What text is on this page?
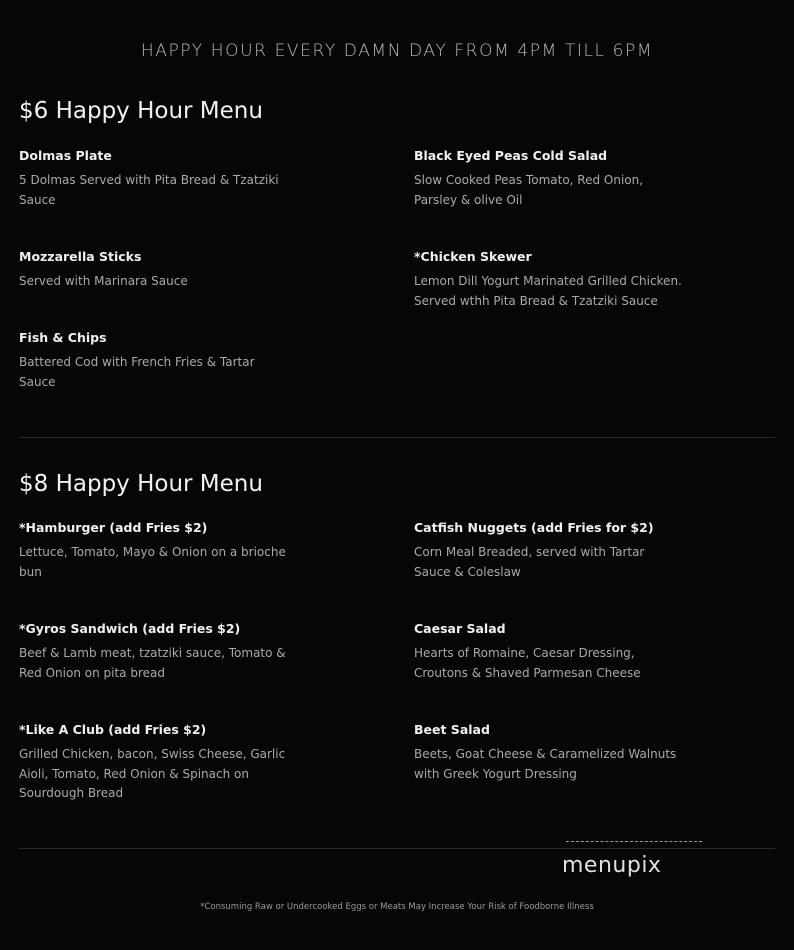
HAPPY HOUR EVERY DAMN DAY FROM 4PM TILL 6PM
$6 Happy Hour Menu
Dolmas Plate
5 Dolmas Served with Pita Bread & Tzatziki Sauce
Black Eyed Peas Cold Salad
Slow Cooked Peas Tomato, Red Onion, Parsley & olive Oil
Mozzarella Sticks
Served with Marinara Sauce
*Chicken Skewer
Lemon Dill Yogurt Marinated Grilled Chicken. Served wthh Pita Bread & Tzatziki Sauce
Fish & Chips
Battered Cod with French Fries & Tartar Sauce
$8 Happy Hour Menu
*Hamburger (add Fries $2)
Lettuce, Tomato, Mayo & Onion on a brioche bun
Catfish Nuggets (add Fries for $2)
Corn Meal Breaded, served with Tartar Sauce & Coleslaw
*Gyros Sandwich (add Fries $2)
Beef & Lamb meat, tzatziki sauce, Tomato & Red Onion on pita bread
Caesar Salad
Hearts of Romaine, Caesar Dressing, Croutons & Shaved Parmesan Cheese
*Like A Club (add Fries $2)
Grilled Chicken, bacon, Swiss Cheese, Garlic Aioli, Tomato, Red Onion & Spinach on Sourdough Bread
Beet Salad
Beets, Goat Cheese & Caramelized Walnuts with Greek Yogurt Dressing
menupix
*Consuming Raw or Undercooked Eggs or Meats May Increase Your Risk of Foodborne Illness
